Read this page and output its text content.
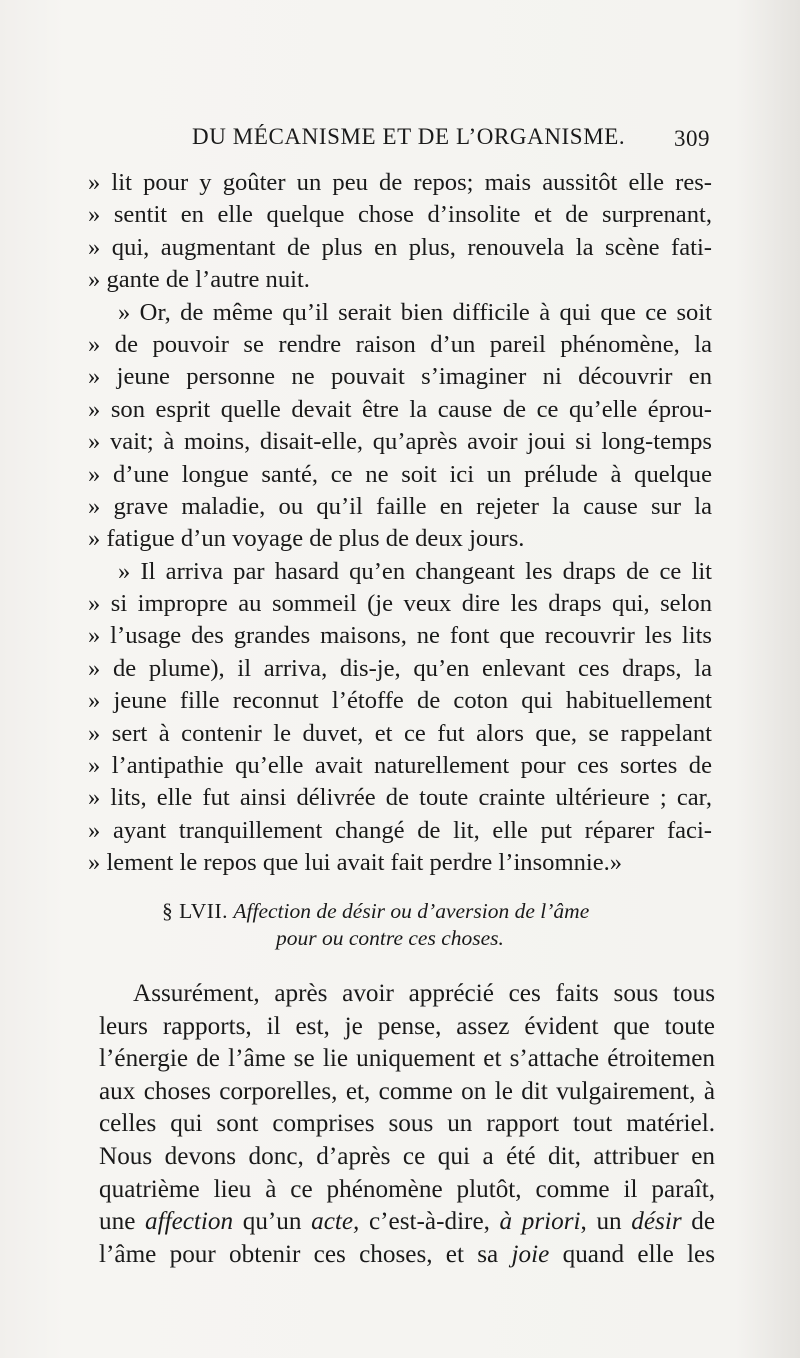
DU MÉCANISME ET DE L’ORGANISME. 309
» lit pour y goûter un peu de repos; mais aussitôt elle res-
» sentit en elle quelque chose d’insolite et de surprenant,
» qui, augmentant de plus en plus, renouvela la scène fati-
» gante de l’autre nuit.
» Or, de même qu’il serait bien difficile à qui que ce soit
» de pouvoir se rendre raison d’un pareil phénomène, la
» jeune personne ne pouvait s’imaginer ni découvrir en
» son esprit quelle devait être la cause de ce qu’elle éprou-
» vait; à moins, disait-elle, qu’après avoir joui si long-temps
» d’une longue santé, ce ne soit ici un prélude à quelque
» grave maladie, ou qu’il faille en rejeter la cause sur la
» fatigue d’un voyage de plus de deux jours.
» Il arriva par hasard qu’en changeant les draps de ce lit
» si impropre au sommeil (je veux dire les draps qui, selon
» l’usage des grandes maisons, ne font que recouvrir les lits
» de plume), il arriva, dis-je, qu’en enlevant ces draps, la
» jeune fille reconnut l’étoffe de coton qui habituellement
» sert à contenir le duvet, et ce fut alors que, se rappelant
» l’antipathie qu’elle avait naturellement pour ces sortes de
» lits, elle fut ainsi délivrée de toute crainte ultérieure ; car,
» ayant tranquillement changé de lit, elle put réparer faci-
» lement le repos que lui avait fait perdre l’insomnie.»
§ LVII. Affection de désir ou d’aversion de l’âme
pour ou contre ces choses.
Assurément, après avoir apprécié ces faits sous tous
leurs rapports, il est, je pense, assez évident que toute
l’énergie de l’âme se lie uniquement et s’attache étroitemen
aux choses corporelles, et, comme on le dit vulgairement, à
celles qui sont comprises sous un rapport tout matériel.
Nous devons donc, d’après ce qui a été dit, attribuer en
quatrième lieu à ce phénomène plutôt, comme il paraît,
une affection qu’un acte, c’est-à-dire, à priori, un désir de
l’âme pour obtenir ces choses, et sa joie quand elle les
